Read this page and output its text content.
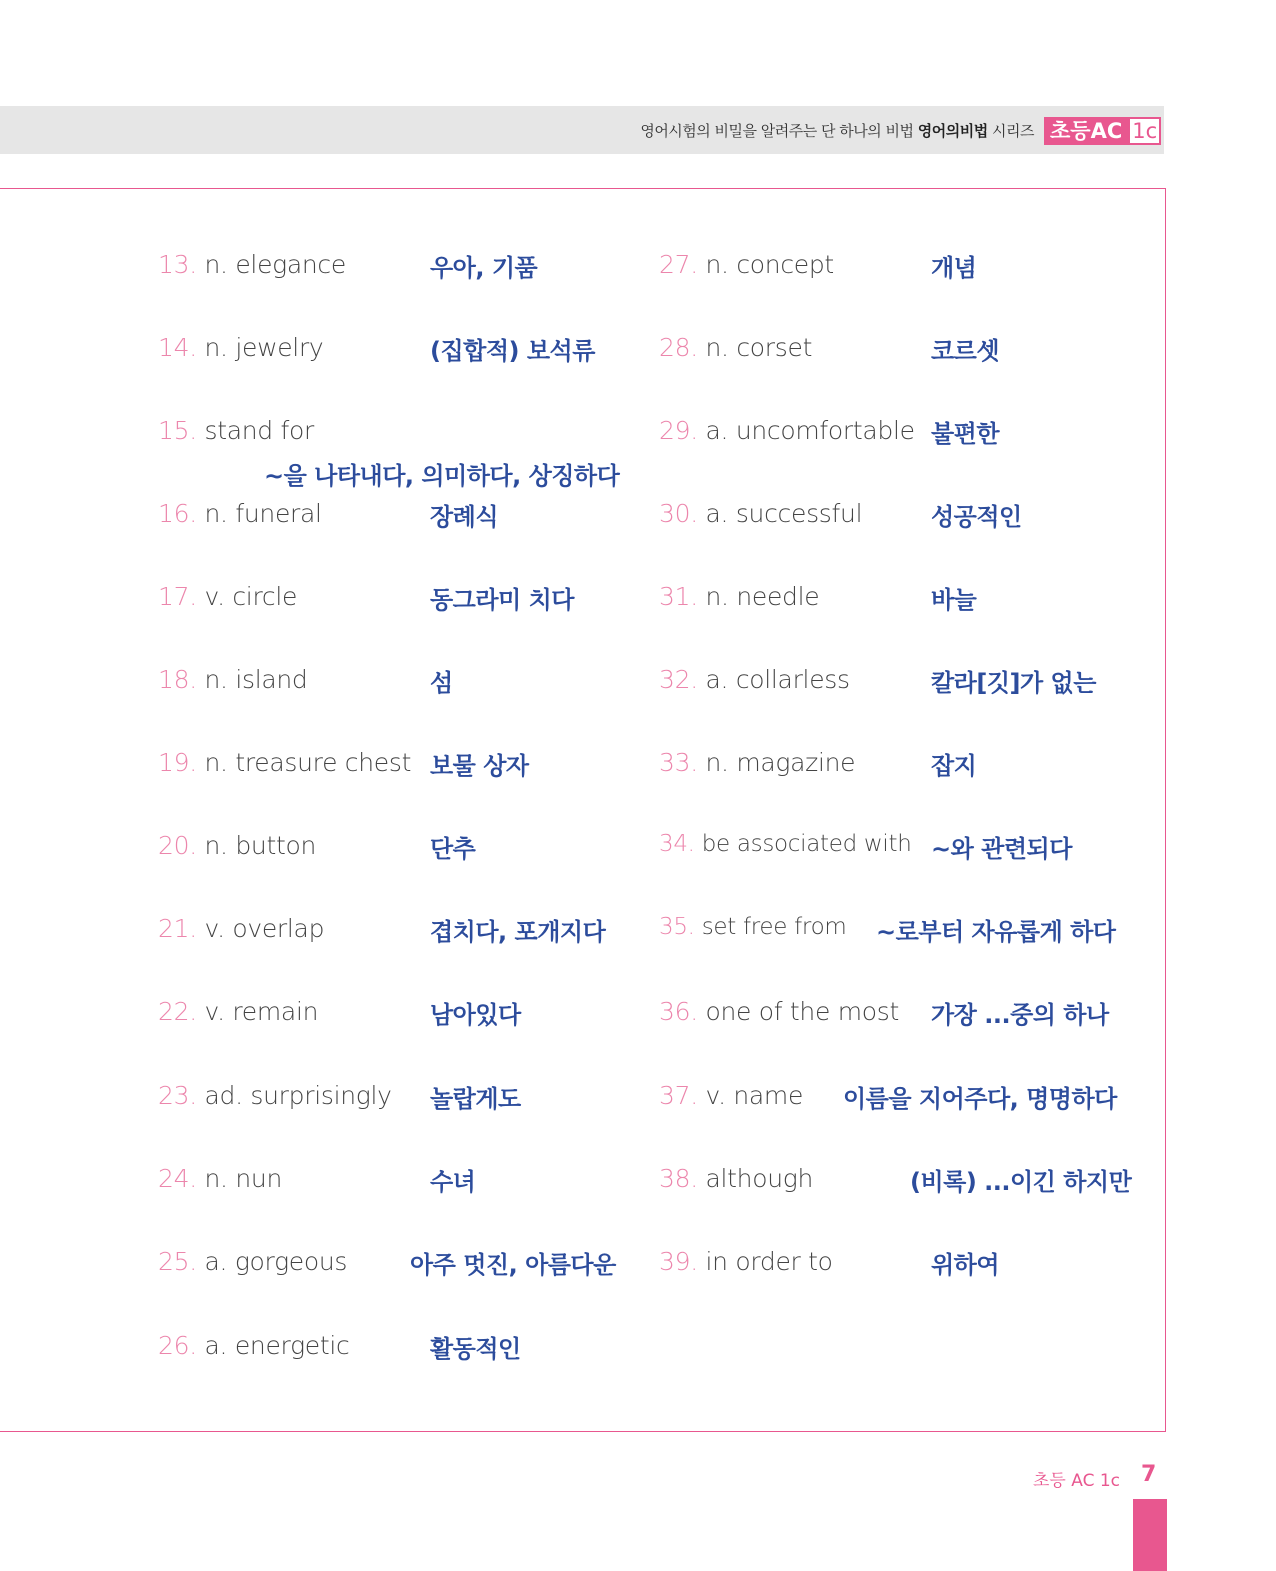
영어시험의 비밀을 알려주는 단 하나의 비법 영어의비법 시리즈 초등AC 1c
13. n. elegance	우아, 기품
14. n. jewelry	(집합적) 보석류
15. stand for
~을 나타내다, 의미하다, 상징하다
16. n. funeral	장례식
17. v. circle	동그라미 치다
18. n. island	섬
19. n. treasure chest 보물 상자
20. n. button	단추
21. v. overlap	겹치다, 포개지다
22. v. remain	남아있다
23. ad. surprisingly 놀랍게도
24. n. nun	수녀
25. a. gorgeous	아주 멋진, 아름다운
26. a. energetic	활동적인
27. n. concept	개념
28. n. corset	코르셋
29. a. uncomfortable 불편한
30. a. successful	성공적인
31. n. needle	바늘
32. a. collarless	칼라[깃]가 없는
33. n. magazine	잡지
34. be associated with ~와 관련되다
35. set free from ~로부터 자유롭게 하다
36. one of the most 가장 ...중의 하나
37. v. name 이름을 지어주다, 명명하다
38. although	(비록) ...이긴 하지만
39. in order to	위하여
초등 AC 1c 7
